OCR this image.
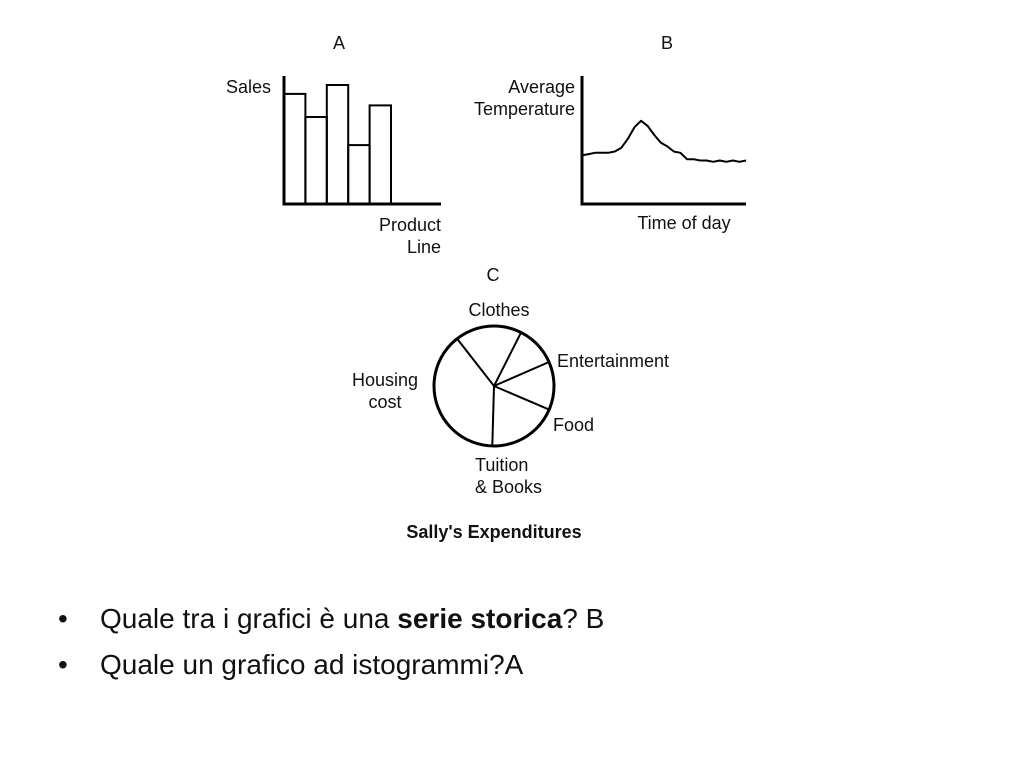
A
Sales
Product
Line
B
Average
Temperature
Time of day
C
Clothes
Entertainment
Food
Tuition
& Books
Housing
cost
Sally's Expenditures
• Quale tra i grafici è una serie storica? B
• Quale un grafico ad istogrammi?A
